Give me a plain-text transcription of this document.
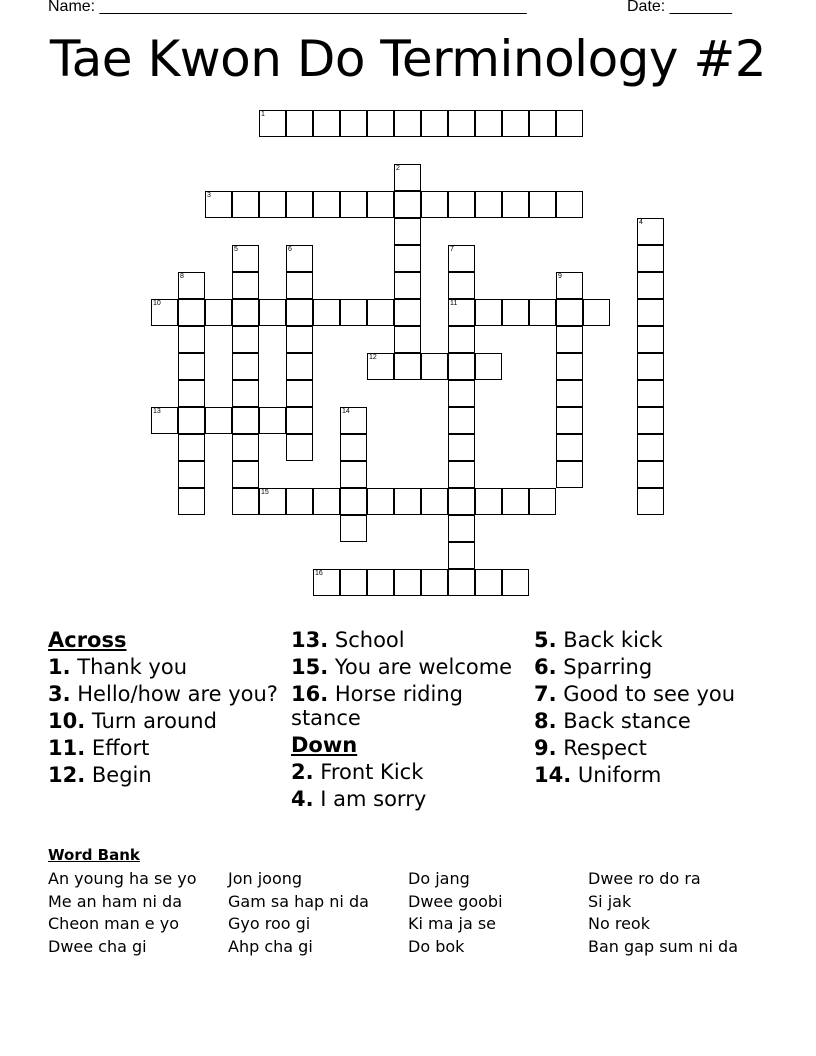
Name: ________________________________________________	Date: _______
Tae Kwon Do Terminology #2
1
2
3
4
5	6	7
11
8	9
10
12
13	14
15
16
Across
1. Thank you
3. Hello/how are you?
10. Turn around
11. Effort
12. Begin
13. School
15. You are welcome
16. Horse riding stance
Down
2. Front Kick
4. I am sorry
5. Back kick
6. Sparring
7. Good to see you
8. Back stance
9. Respect
14. Uniform
Word Bank
An young ha se yo
Me an ham ni da
Cheon man e yo
Dwee cha gi
Jon joong
Gam sa hap ni da
Gyo roo gi
Ahp cha gi
Do jang
Dwee goobi
Ki ma ja se
Do bok
Dwee ro do ra
Si jak
No reok
Ban gap sum ni da
